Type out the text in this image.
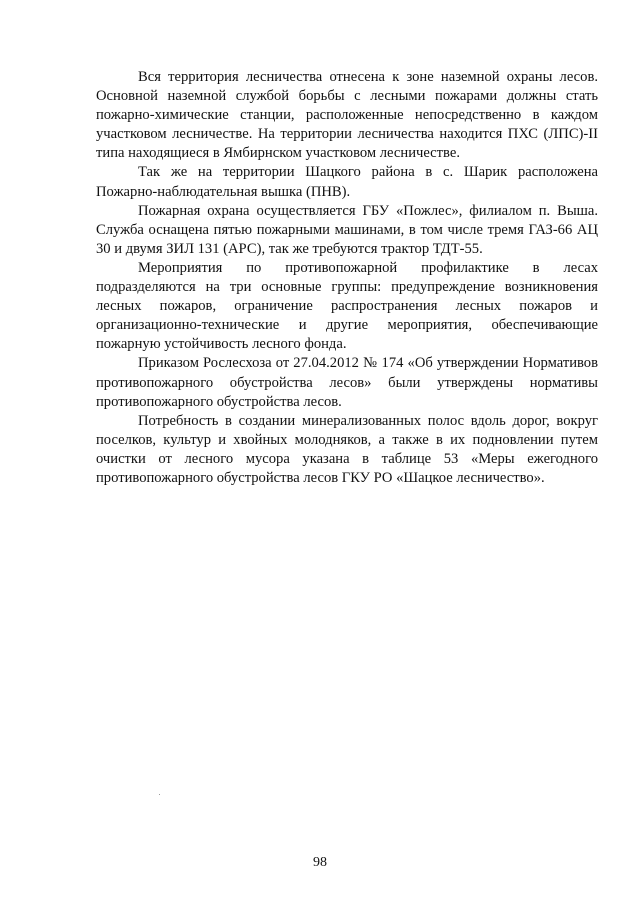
Вся территория лесничества отнесена к зоне наземной охраны лесов. Основной наземной службой борьбы с лесными пожарами должны стать пожарно-химические станции, расположенные непосредственно в каждом участковом лесничестве. На территории лесничества находится ПХС (ЛПС)-II типа находящиеся в Ямбирнском участковом лесничестве.

Так же на территории Шацкого района в с. Шарик расположена Пожарно-наблюдательная вышка (ПНВ).

Пожарная охрана осуществляется ГБУ «Пожлес», филиалом п. Выша. Служба оснащена пятью пожарными машинами, в том числе тремя ГАЗ-66 АЦ 30 и двумя ЗИЛ 131 (АРС), так же требуются трактор ТДТ-55.

Мероприятия по противопожарной профилактике в лесах подразделяются на три основные группы: предупреждение возникновения лесных пожаров, ограничение распространения лесных пожаров и организационно-технические и другие мероприятия, обеспечивающие пожарную устойчивость лесного фонда.

Приказом Рослесхоза от 27.04.2012 № 174 «Об утверждении Нормативов противопожарного обустройства лесов» были утверждены нормативы противопожарного обустройства лесов.

Потребность в создании минерализованных полос вдоль дорог, вокруг поселков, культур и хвойных молодняков, а также в их подновлении путем очистки от лесного мусора указана в таблице 53 «Меры ежегодного противопожарного обустройства лесов ГКУ РО «Шацкое лесничество».

98
